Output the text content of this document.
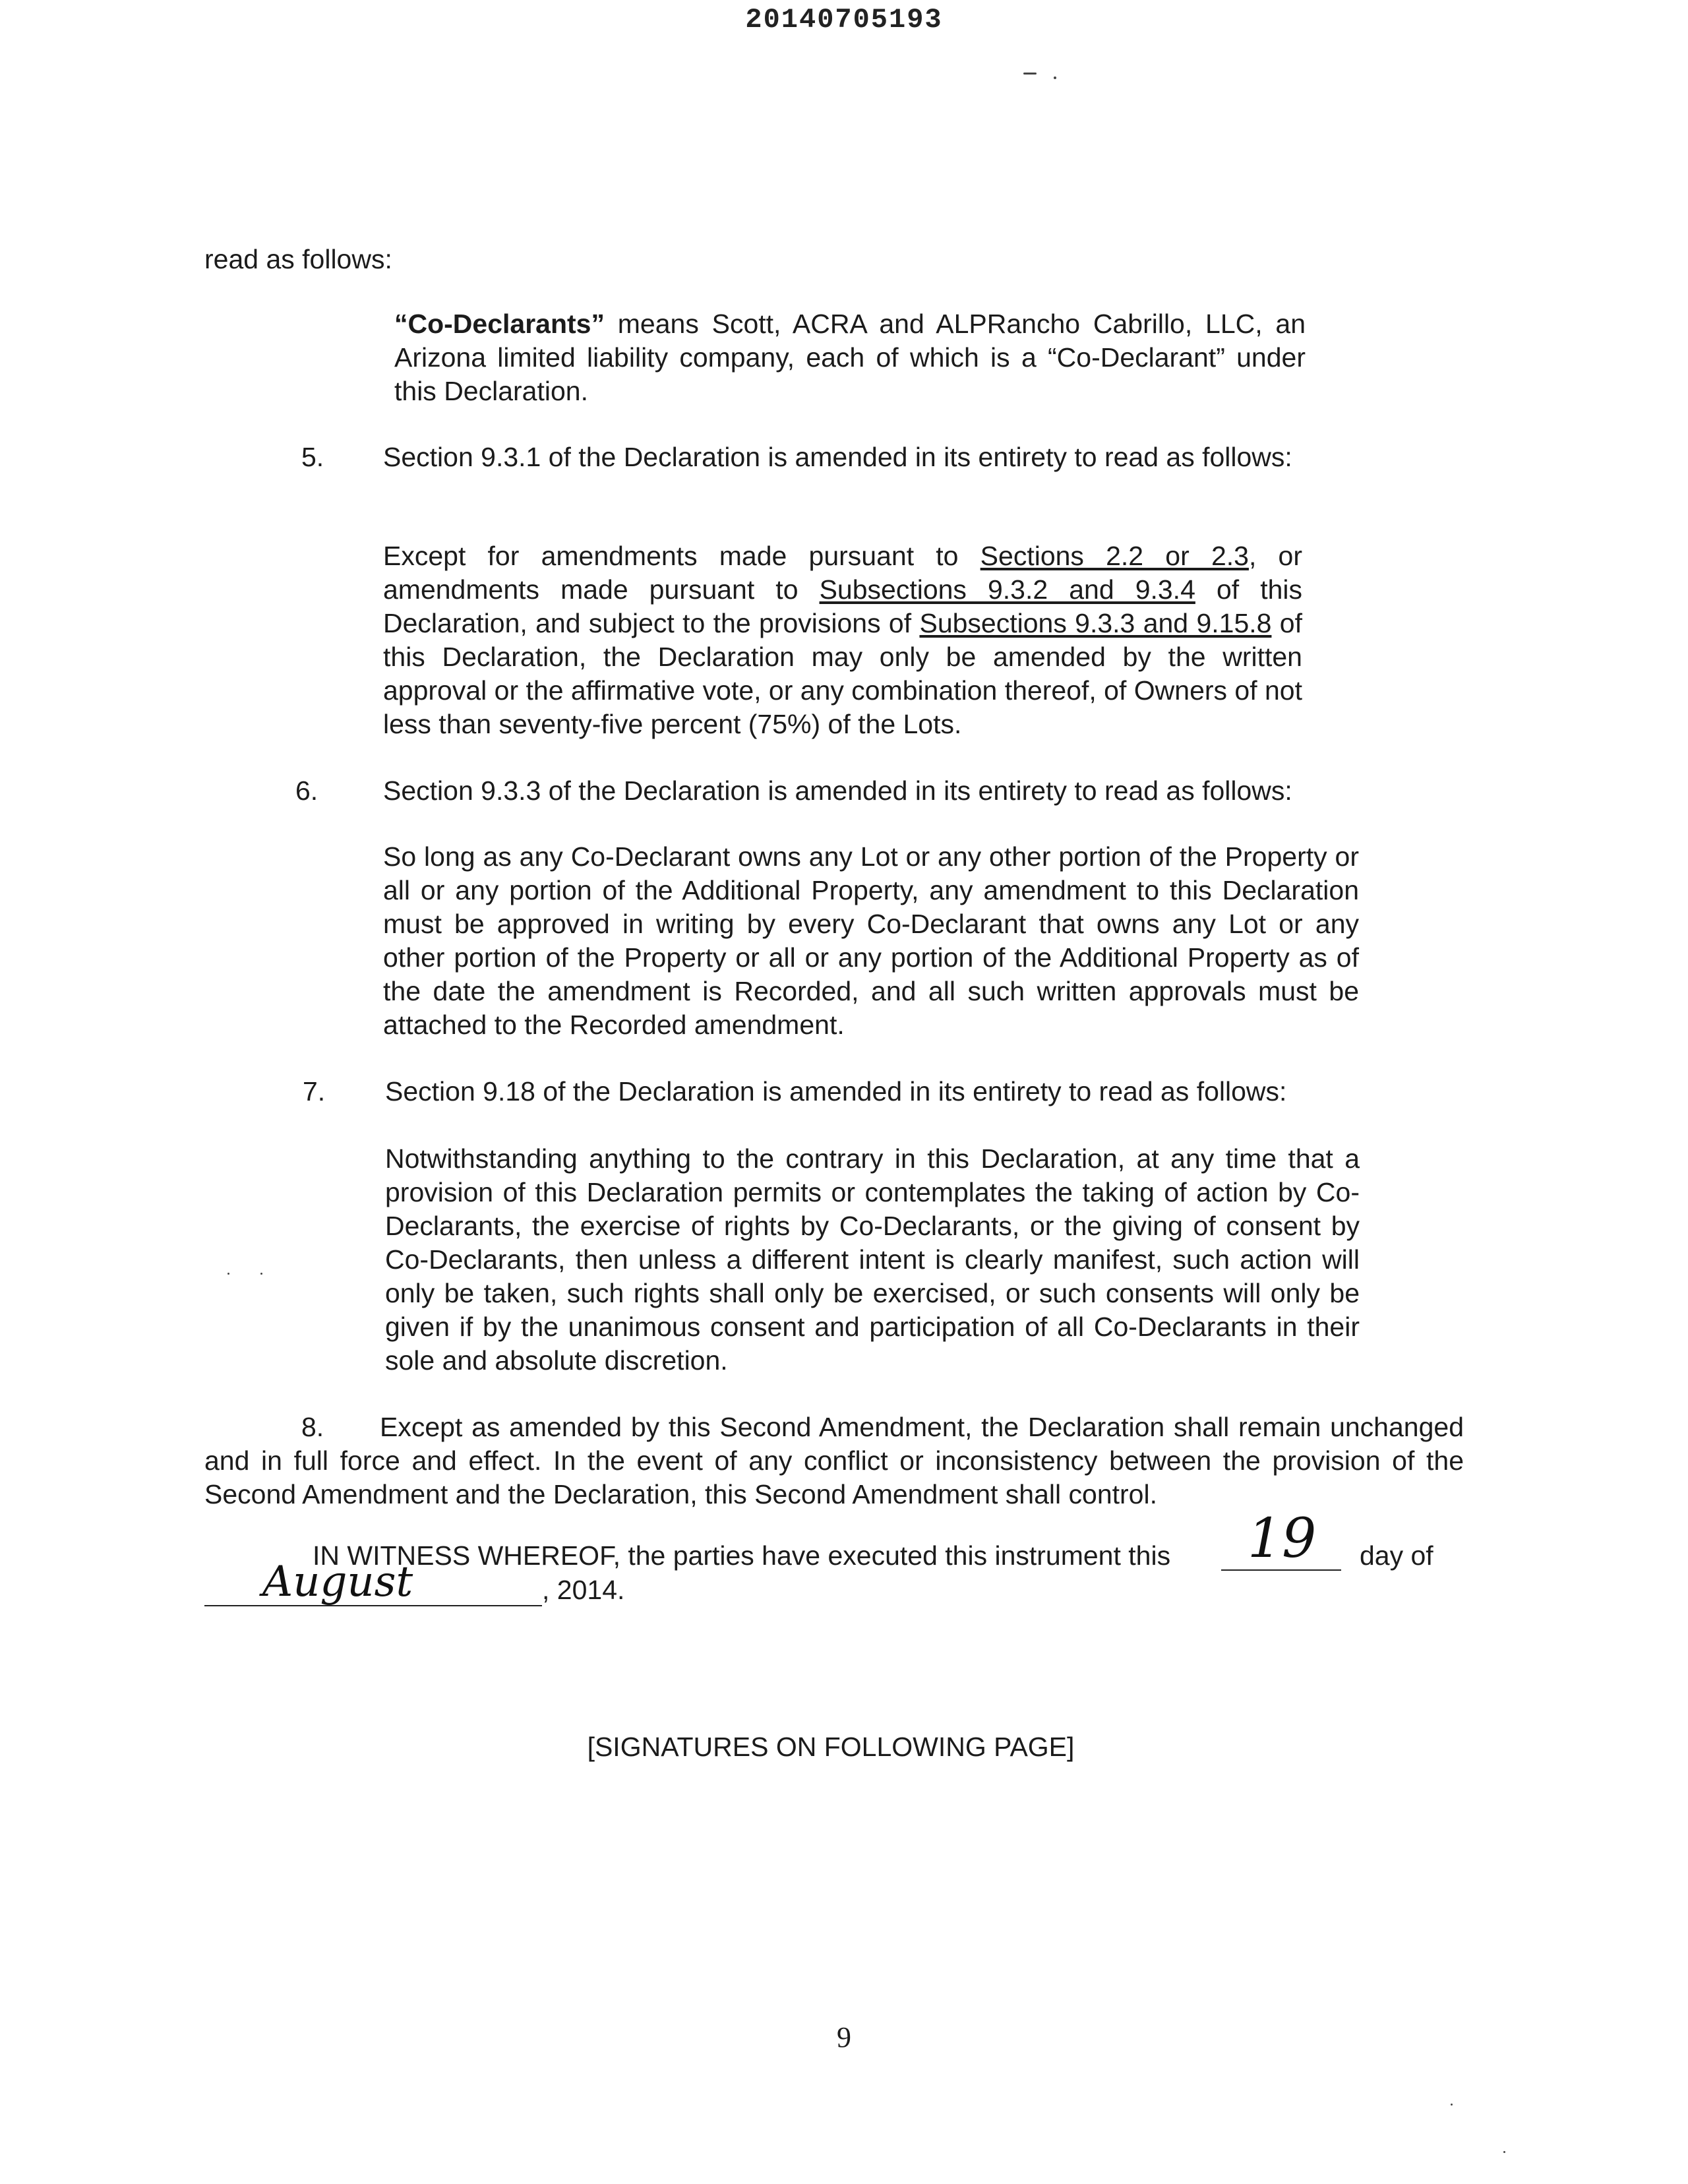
20140705193

read as follows:

“Co-Declarants” means Scott, ACRA and ALPRancho Cabrillo, LLC, an Arizona limited liability company, each of which is a “Co-Declarant” under this Declaration.

5. Section 9.3.1 of the Declaration is amended in its entirety to read as follows:

Except for amendments made pursuant to Sections 2.2 or 2.3, or amendments made pursuant to Subsections 9.3.2 and 9.3.4 of this Declaration, and subject to the provisions of Subsections 9.3.3 and 9.15.8 of this Declaration, the Declaration may only be amended by the written approval or the affirmative vote, or any combination thereof, of Owners of not less than seventy-five percent (75%) of the Lots.

6. Section 9.3.3 of the Declaration is amended in its entirety to read as follows:

So long as any Co-Declarant owns any Lot or any other portion of the Property or all or any portion of the Additional Property, any amendment to this Declaration must be approved in writing by every Co-Declarant that owns any Lot or any other portion of the Property or all or any portion of the Additional Property as of the date the amendment is Recorded, and all such written approvals must be attached to the Recorded amendment.

7. Section 9.18 of the Declaration is amended in its entirety to read as follows:

Notwithstanding anything to the contrary in this Declaration, at any time that a provision of this Declaration permits or contemplates the taking of action by Co-Declarants, the exercise of rights by Co-Declarants, or the giving of consent by Co-Declarants, then unless a different intent is clearly manifest, such action will only be taken, such rights shall only be exercised, or such consents will only be given if by the unanimous consent and participation of all Co-Declarants in their sole and absolute discretion.

8.	Except as amended by this Second Amendment, the Declaration shall remain unchanged and in full force and effect. In the event of any conflict or inconsistency between the provision of the Second Amendment and the Declaration, this Second Amendment shall control.

IN WITNESS WHEREOF, the parties have executed this instrument this 19 day of
August	, 2014.
[SIGNATURES ON FOLLOWING PAGE]
9
